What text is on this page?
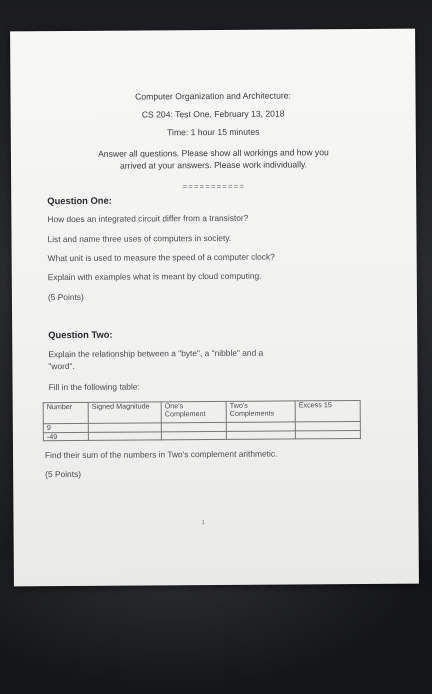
Computer Organization and Architecture:
CS 204: Test One, February 13, 2018
Time: 1 hour 15 minutes
Answer all questions. Please show all workings and how you
arrived at your answers. Please work individually.
===========
Question One:
How does an integrated circuit differ from a transistor?
List and name three uses of computers in society.
What unit is used to measure the speed of a computer clock?
Explain with examples what is meant by cloud computing.
(5 Points)
Question Two:
Explain the relationship between a "byte", a "nibble" and a
"word".
Fill in the following table:
Number	Signed Magnitude	One's Complement	Two's Complements	Excess 15
9				
-49				
Find their sum of the numbers in Two's complement arithmetic.
(5 Points)
1
